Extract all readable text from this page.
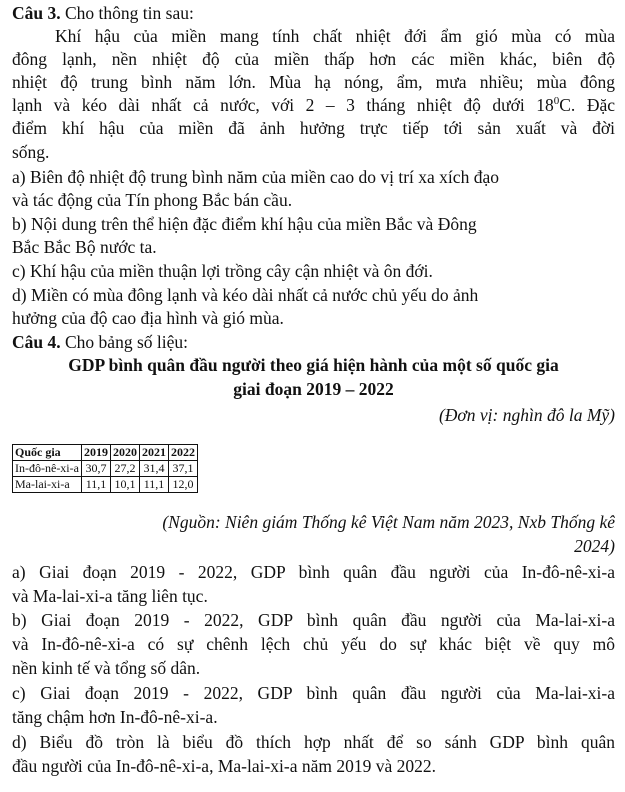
Câu 3. Cho thông tin sau:
Khí hậu của miền mang tính chất nhiệt đới ẩm gió mùa có mùa
đông lạnh, nền nhiệt độ của miền thấp hơn các miền khác, biên độ
nhiệt độ trung bình năm lớn. Mùa hạ nóng, ẩm, mưa nhiều; mùa đông
lạnh và kéo dài nhất cả nước, với 2 – 3 tháng nhiệt độ dưới $18^0C$. Đặc
điểm khí hậu của miền đã ảnh hưởng trực tiếp tới sản xuất và đời
sống.
a) Biên độ nhiệt độ trung bình năm của miền cao do vị trí xa xích đạo
và tác động của Tín phong Bắc bán cầu.
b) Nội dung trên thể hiện đặc điểm khí hậu của miền Bắc và Đông
Bắc Bắc Bộ nước ta.
c) Khí hậu của miền thuận lợi trồng cây cận nhiệt và ôn đới.
d) Miền có mùa đông lạnh và kéo dài nhất cả nước chủ yếu do ảnh
hưởng của độ cao địa hình và gió mùa.
Câu 4. Cho bảng số liệu:
GDP bình quân đầu người theo giá hiện hành của một số quốc gia
giai đoạn 2019 – 2022
(Đơn vị: nghìn đô la Mỹ)
Quốc gia	2019	2020	2021	2022
In-đô-nê-xi-a	30,7	27,2	31,4	37,1
Ma-lai-xi-a	11,1	10,1	11,1	12,0
(Nguồn: Niên giám Thống kê Việt Nam năm 2023, Nxb Thống kê
2024)
a) Giai đoạn 2019 - 2022, GDP bình quân đầu người của In-đô-nê-xi-a
và Ma-lai-xi-a tăng liên tục.
b) Giai đoạn 2019 - 2022, GDP bình quân đầu người của Ma-lai-xi-a
và In-đô-nê-xi-a có sự chênh lệch chủ yếu do sự khác biệt về quy mô
nền kinh tế và tổng số dân.
c) Giai đoạn 2019 - 2022, GDP bình quân đầu người của Ma-lai-xi-a
tăng chậm hơn In-đô-nê-xi-a.
d) Biểu đồ tròn là biểu đồ thích hợp nhất để so sánh GDP bình quân
đầu người của In-đô-nê-xi-a, Ma-lai-xi-a năm 2019 và 2022.
